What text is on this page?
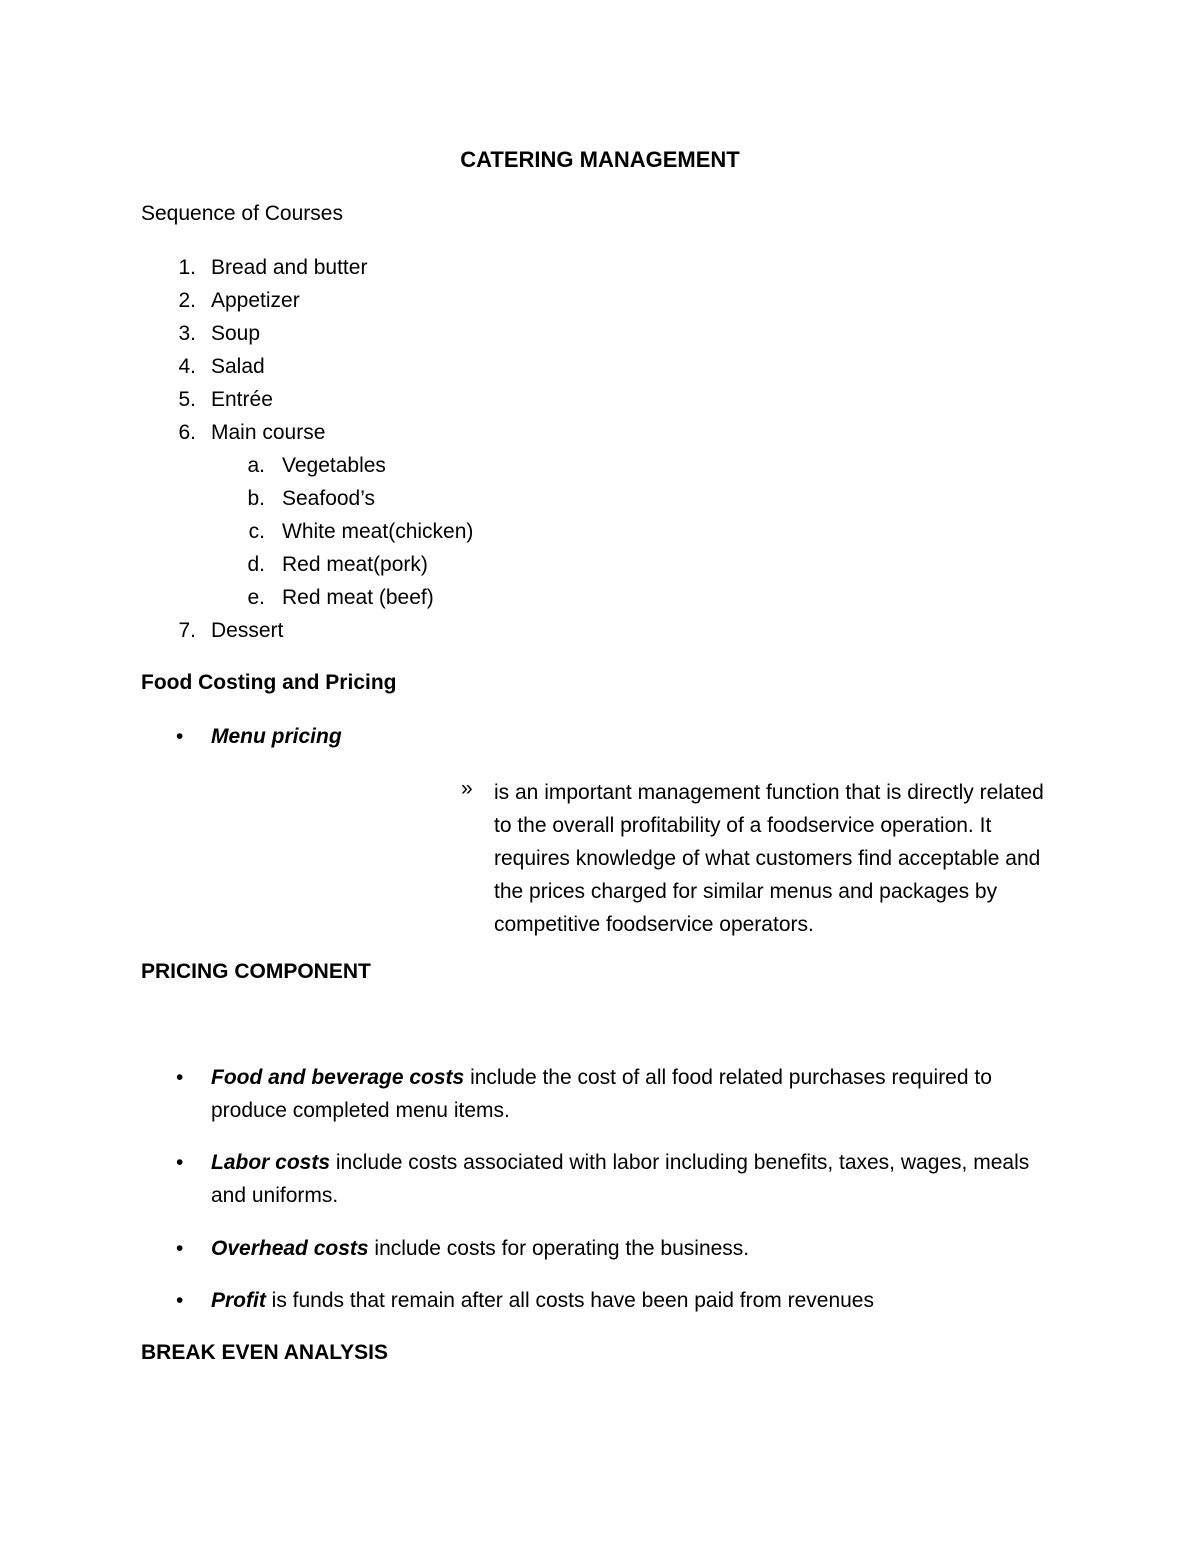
CATERING MANAGEMENT
Sequence of Courses
1. Bread and butter
2. Appetizer
3. Soup
4. Salad
5. Entrée
6. Main course
a. Vegetables
b. Seafood’s
c. White meat(chicken)
d. Red meat(pork)
e. Red meat (beef)
7. Dessert
Food Costing and Pricing
• Menu pricing
» is an important management function that is directly related to the overall profitability of a foodservice operation. It requires knowledge of what customers find acceptable and the prices charged for similar menus and packages by competitive foodservice operators.
PRICING COMPONENT
• Food and beverage costs include the cost of all food related purchases required to
produce completed menu items.
• Labor costs include costs associated with labor including benefits, taxes, wages, meals
and uniforms.
• Overhead costs include costs for operating the business.
• Profit is funds that remain after all costs have been paid from revenues
BREAK EVEN ANALYSIS
